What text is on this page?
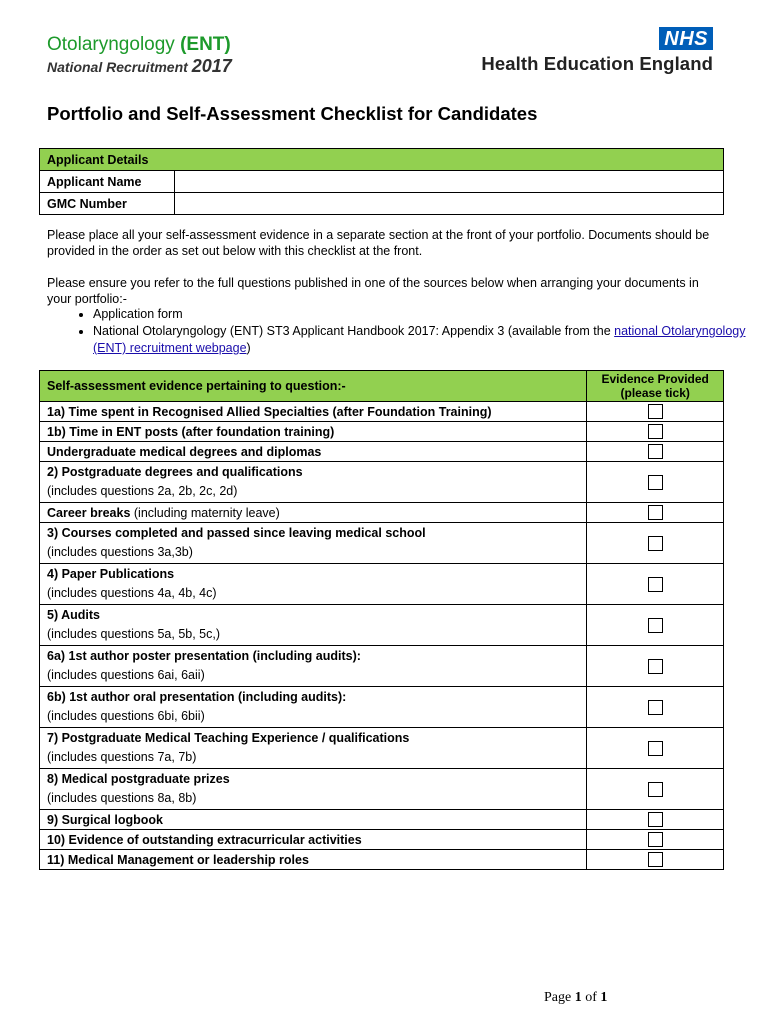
Otolaryngology (ENT)
National Recruitment 2017
NHS
Health Education England
Portfolio and Self-Assessment Checklist for Candidates
Applicant Details	
Applicant Name	
GMC Number	
Please place all your self-assessment evidence in a separate section at the front of your portfolio. Documents should be provided in the order as set out below with this checklist at the front.
Please ensure you refer to the full questions published in one of the sources below when arranging your documents in your portfolio:-
• Application form
• National Otolaryngology (ENT) ST3 Applicant Handbook 2017: Appendix 3 (available from the national Otolaryngology (ENT) recruitment webpage)
Self-assessment evidence pertaining to question:-	Evidence Provided
(please tick)

1a) Time spent in Recognised Allied Specialties (after Foundation Training)	
1b) Time in ENT posts (after foundation training)	
Undergraduate medical degrees and diplomas	
2) Postgraduate degrees and qualifications
(includes questions 2a, 2b, 2c, 2d)	
Career breaks (including maternity leave)	
3) Courses completed and passed since leaving medical school
(includes questions 3a,3b)	
4) Paper Publications
(includes questions 4a, 4b, 4c)	
5) Audits
(includes questions 5a, 5b, 5c,)	
6a) 1st author poster presentation (including audits):
(includes questions 6ai, 6aii)	
6b) 1st author oral presentation (including audits):
(includes questions 6bi, 6bii)	
7) Postgraduate Medical Teaching Experience / qualifications
(includes questions 7a, 7b)	
8) Medical postgraduate prizes
(includes questions 8a, 8b)	
9) Surgical logbook	
10) Evidence of outstanding extracurricular activities	
11) Medical Management or leadership roles	
Page 1 of 1
